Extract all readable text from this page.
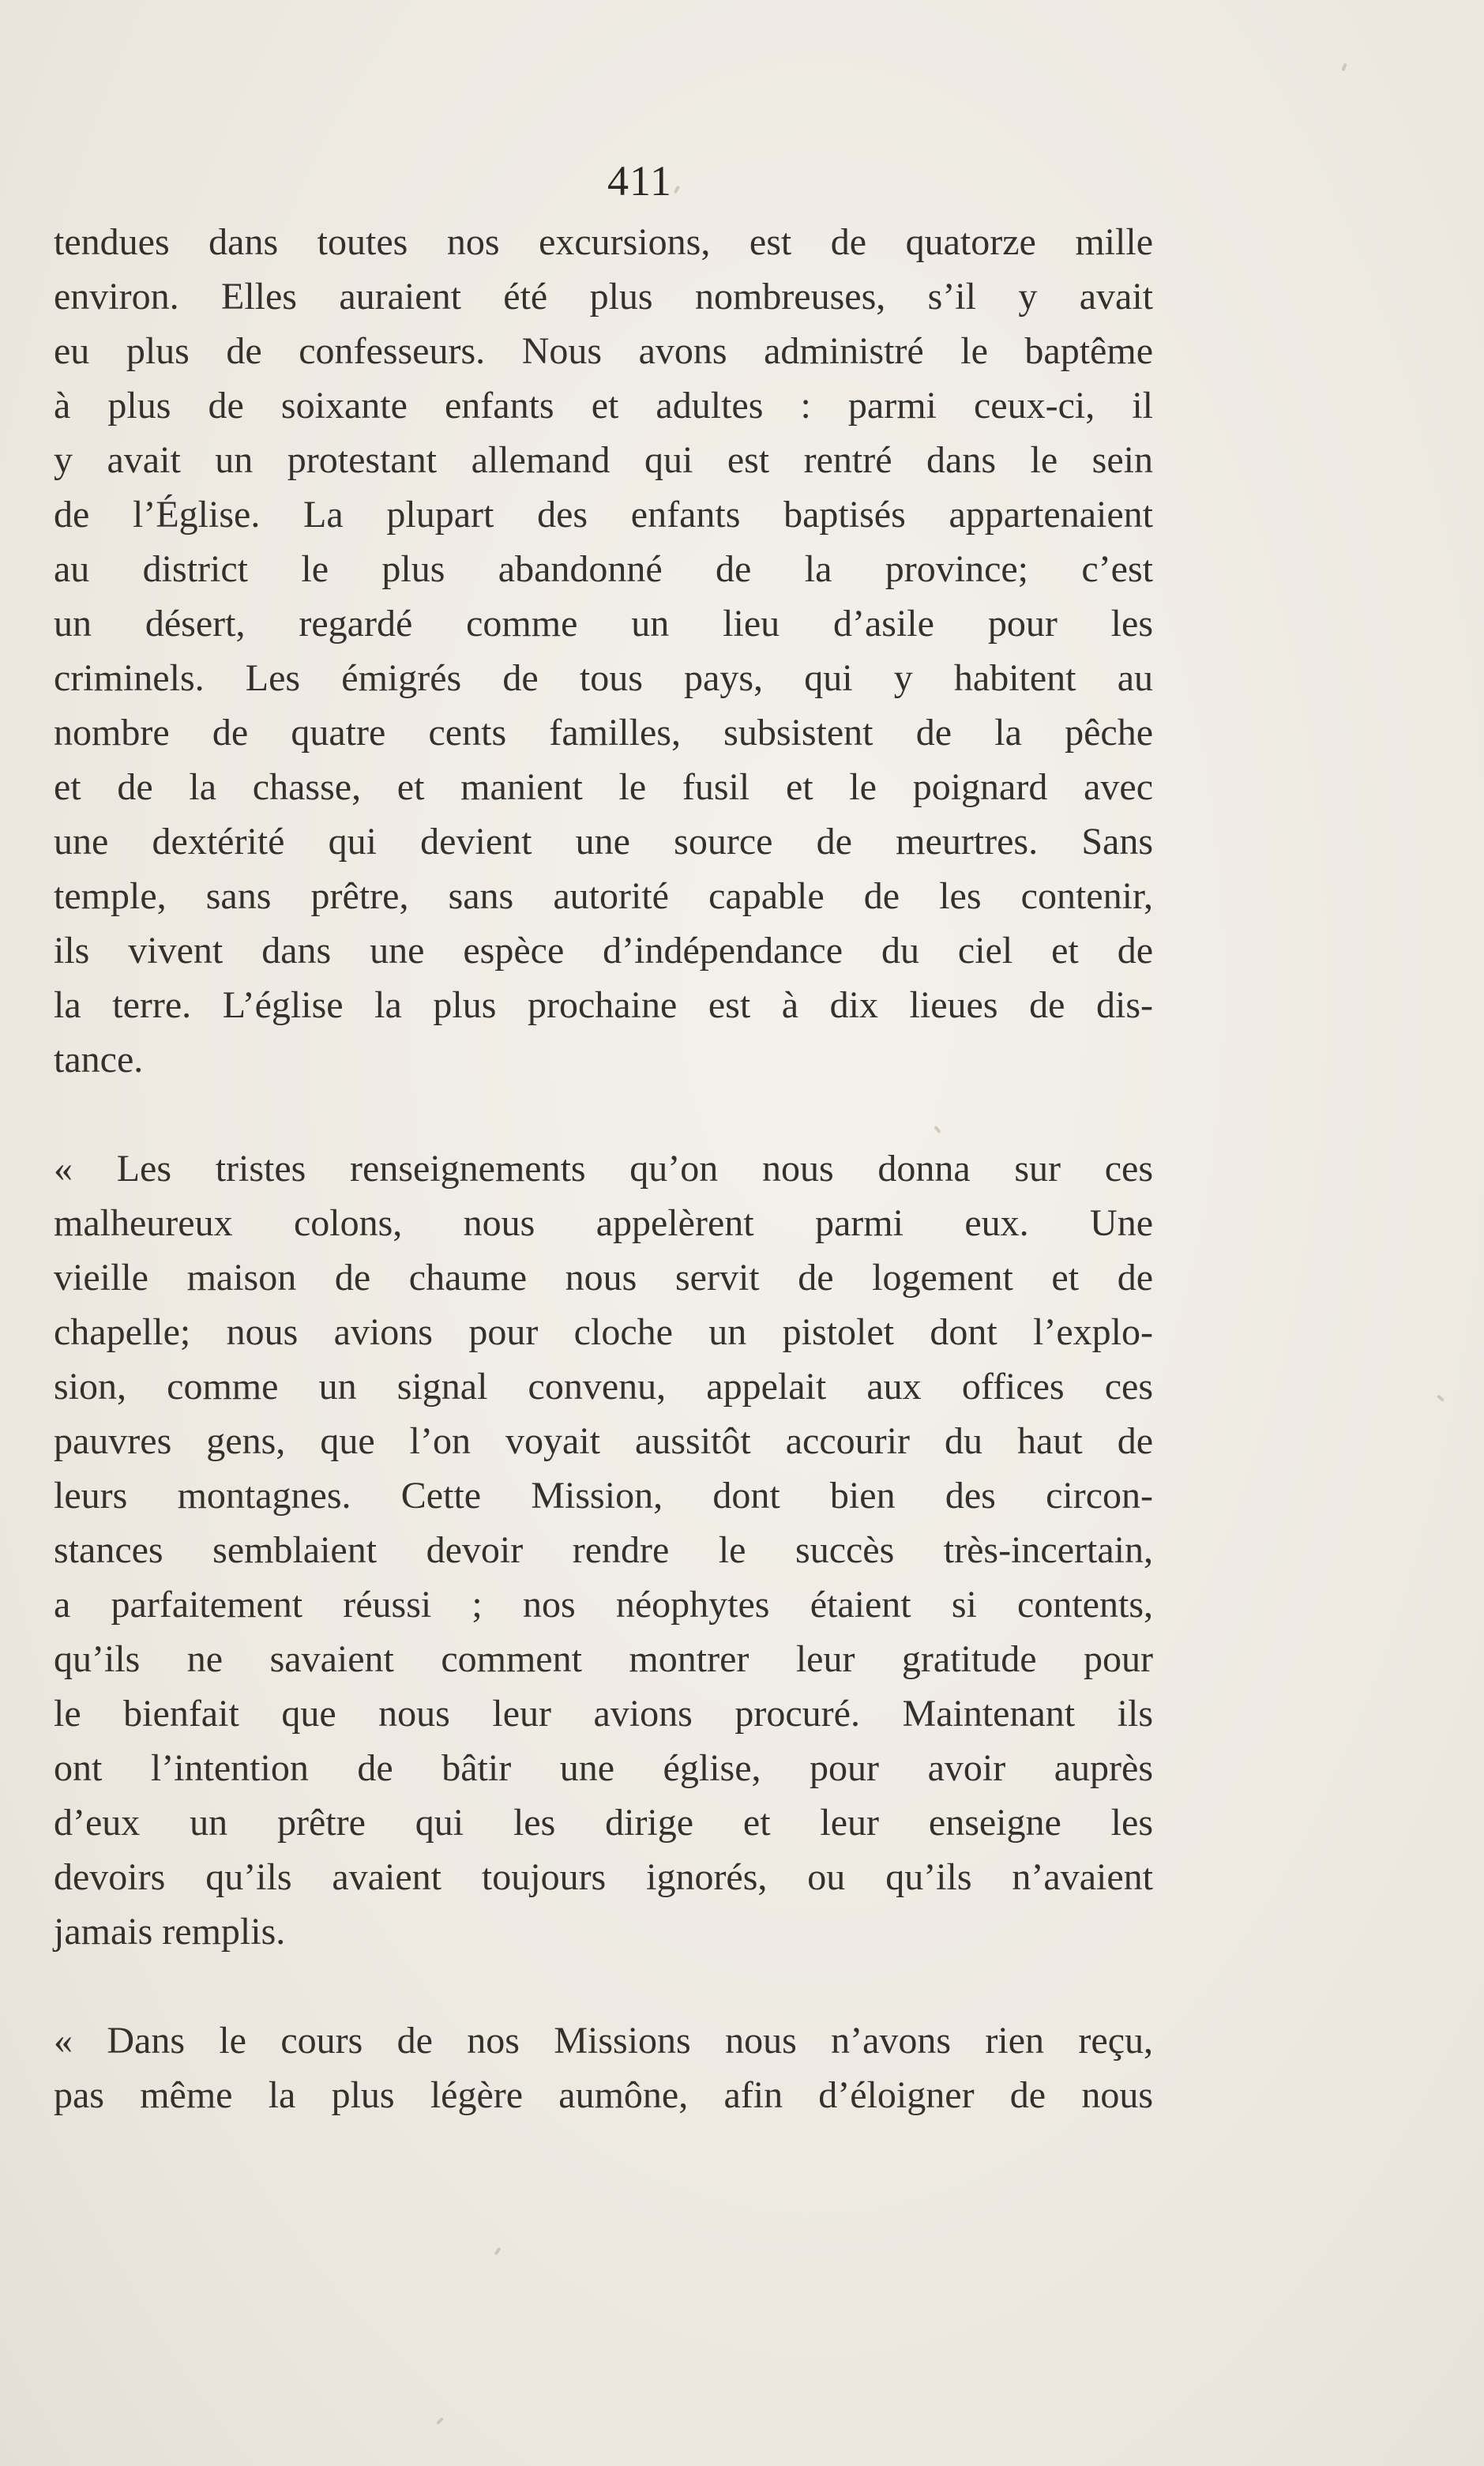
411
tendues dans toutes nos excursions, est de quatorze mille
environ. Elles auraient été plus nombreuses, s’il y avait
eu plus de confesseurs. Nous avons administré le baptême
à plus de soixante enfants et adultes : parmi ceux-ci, il
y avait un protestant allemand qui est rentré dans le sein
de l’Église. La plupart des enfants baptisés appartenaient
au district le plus abandonné de la province; c’est
un désert, regardé comme un lieu d’asile pour les
criminels. Les émigrés de tous pays, qui y habitent au
nombre de quatre cents familles, subsistent de la pêche
et de la chasse, et manient le fusil et le poignard avec
une dextérité qui devient une source de meurtres. Sans
temple, sans prêtre, sans autorité capable de les contenir,
ils vivent dans une espèce d’indépendance du ciel et de
la terre. L’église la plus prochaine est à dix lieues de dis-
tance.
« Les tristes renseignements qu’on nous donna sur ces
malheureux colons, nous appelèrent parmi eux. Une
vieille maison de chaume nous servit de logement et de
chapelle; nous avions pour cloche un pistolet dont l’explo-
sion, comme un signal convenu, appelait aux offices ces
pauvres gens, que l’on voyait aussitôt accourir du haut de
leurs montagnes. Cette Mission, dont bien des circon-
stances semblaient devoir rendre le succès très-incertain,
a parfaitement réussi ; nos néophytes étaient si contents,
qu’ils ne savaient comment montrer leur gratitude pour
le bienfait que nous leur avions procuré. Maintenant ils
ont l’intention de bâtir une église, pour avoir auprès
d’eux un prêtre qui les dirige et leur enseigne les
devoirs qu’ils avaient toujours ignorés, ou qu’ils n’avaient
jamais remplis.
« Dans le cours de nos Missions nous n’avons rien reçu,
pas même la plus légère aumône, afin d’éloigner de nous
